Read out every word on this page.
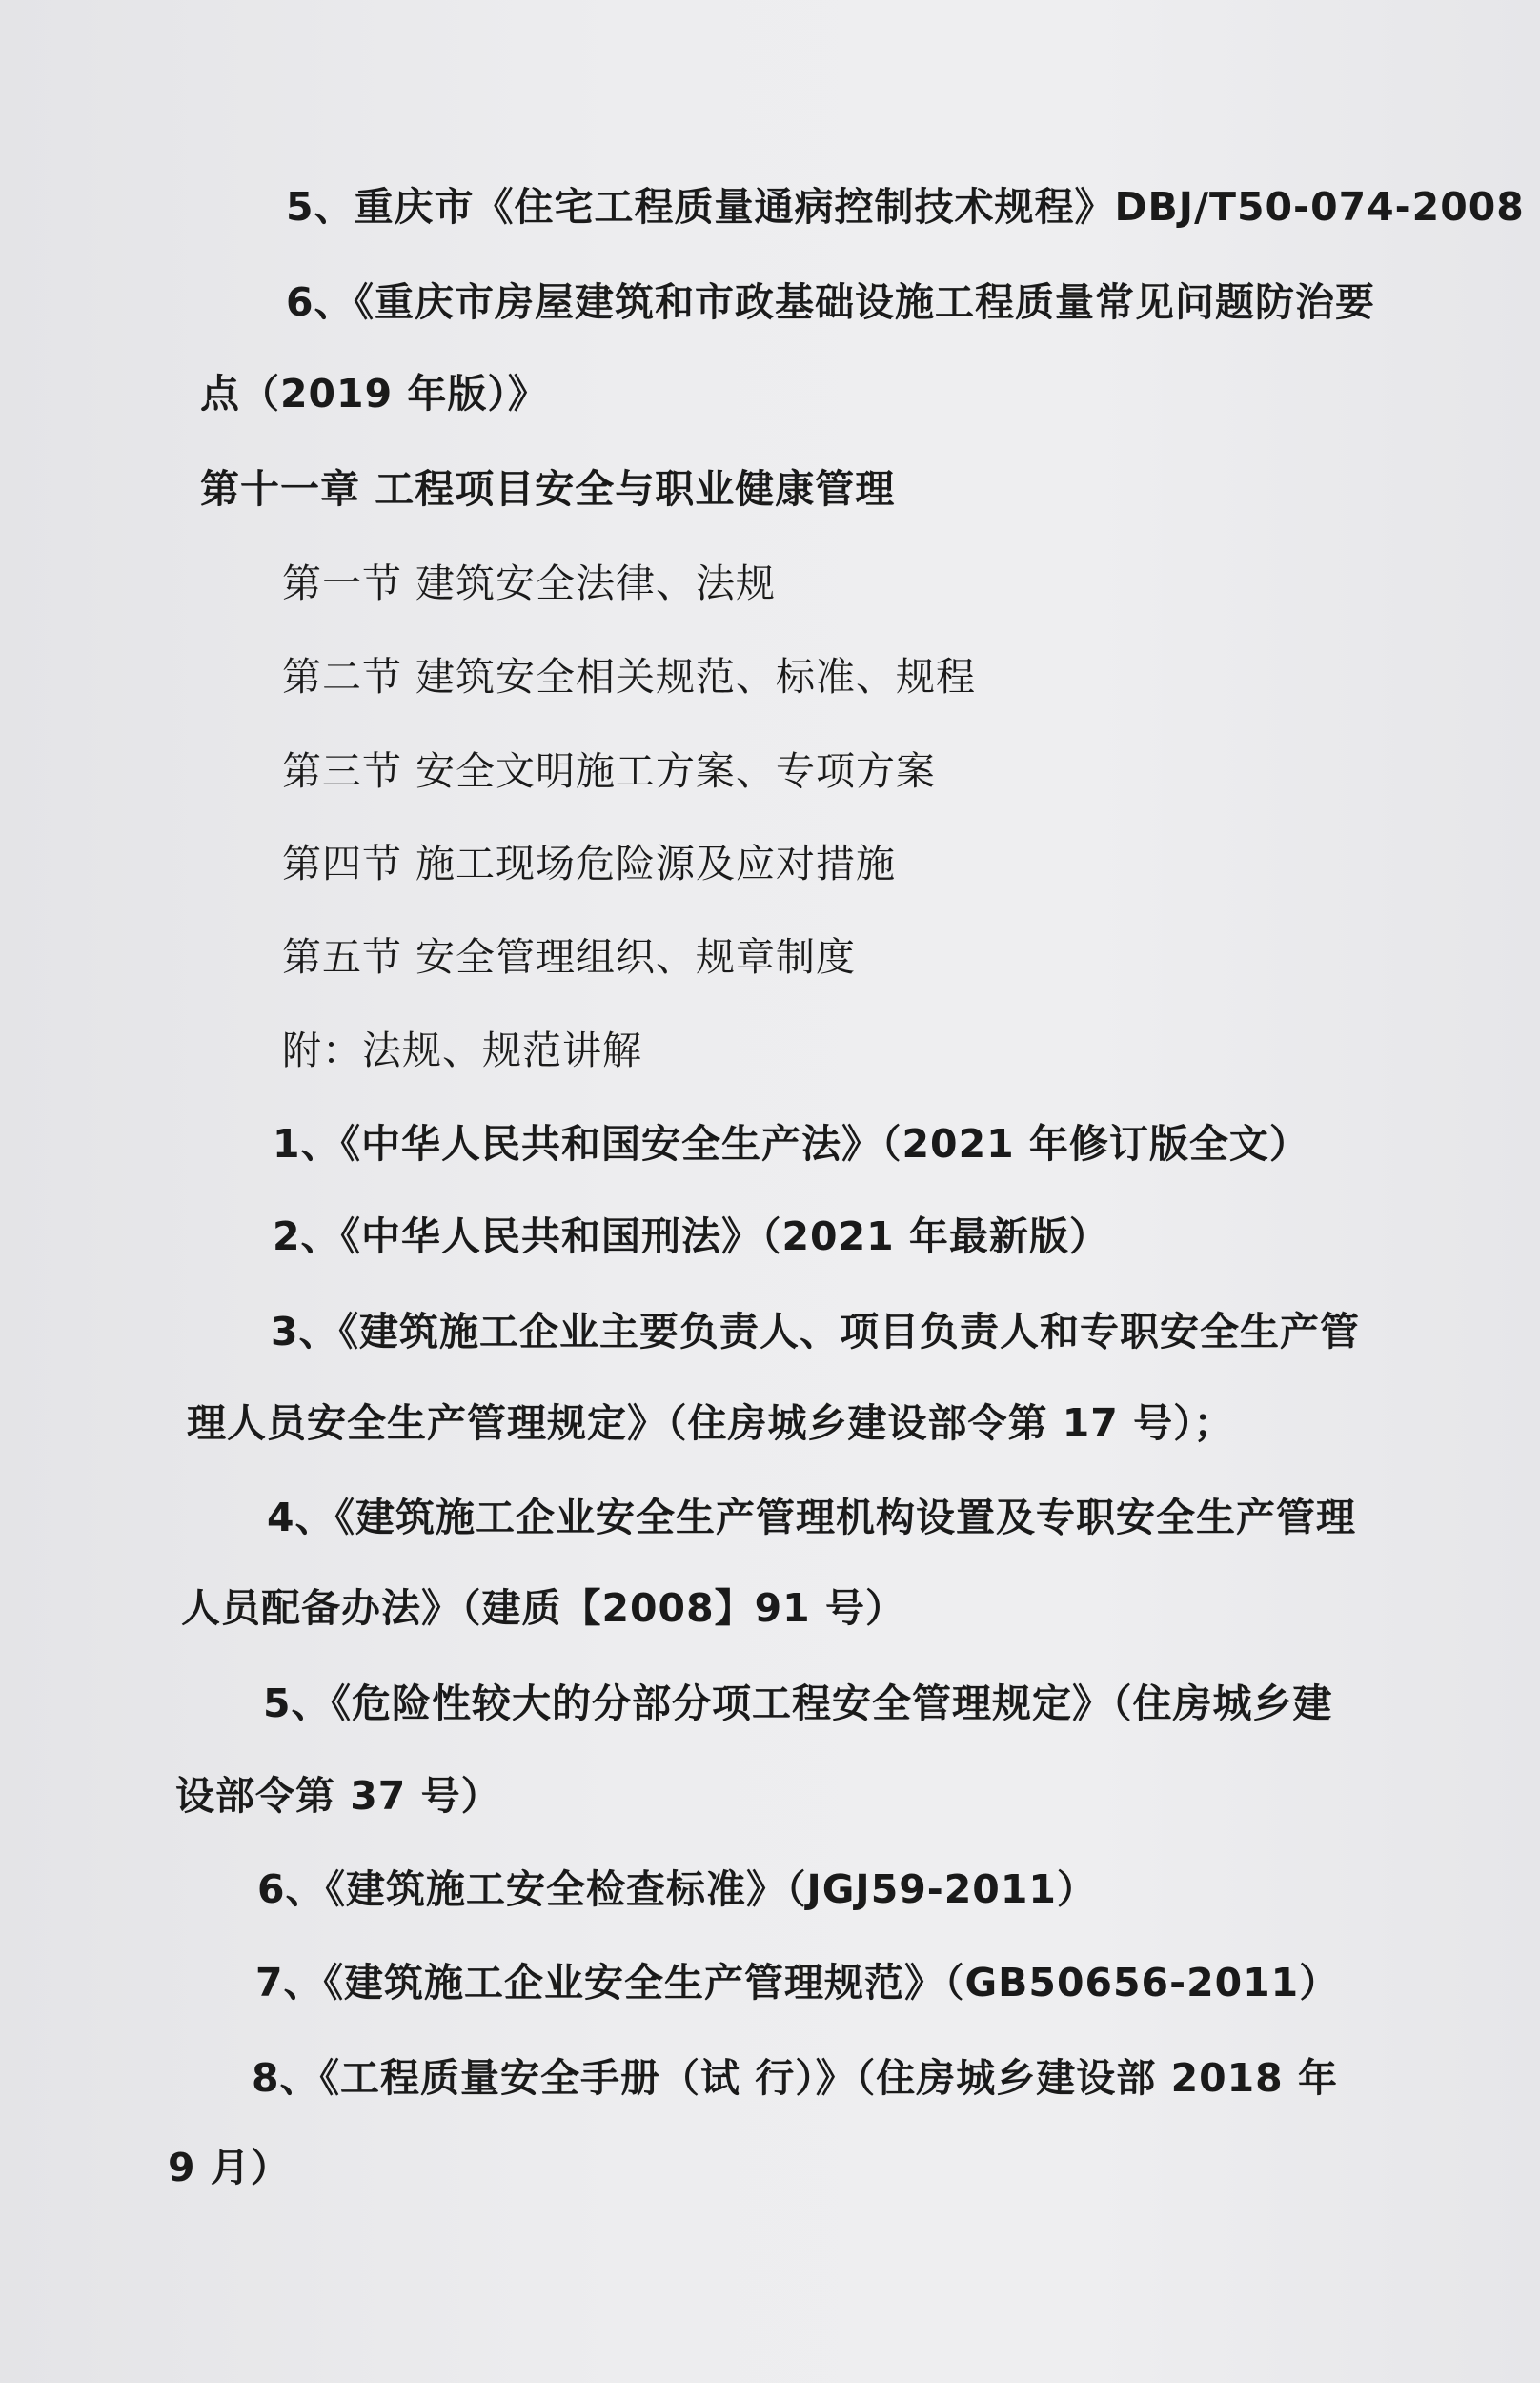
5、重庆市《住宅工程质量通病控制技术规程》DBJ/T50-074-2008
6、《重庆市房屋建筑和市政基础设施工程质量常见问题防治要
点（2019 年版）》
第十一章 工程项目安全与职业健康管理
第一节 建筑安全法律、法规
第二节 建筑安全相关规范、标准、规程
第三节 安全文明施工方案、专项方案
第四节 施工现场危险源及应对措施
第五节 安全管理组织、规章制度
附：法规、规范讲解
1、《中华人民共和国安全生产法》（2021 年修订版全文）
2、《中华人民共和国刑法》（2021 年最新版）
3、《建筑施工企业主要负责人、项目负责人和专职安全生产管
理人员安全生产管理规定》（住房城乡建设部令第 17 号）；
4、《建筑施工企业安全生产管理机构设置及专职安全生产管理
人员配备办法》（建质【2008】91 号）
5、《危险性较大的分部分项工程安全管理规定》（住房城乡建
设部令第 37 号）
6、《建筑施工安全检查标准》（JGJ59-2011）
7、《建筑施工企业安全生产管理规范》（GB50656-2011）
8、《工程质量安全手册（试 行）》（住房城乡建设部 2018 年
9 月）
